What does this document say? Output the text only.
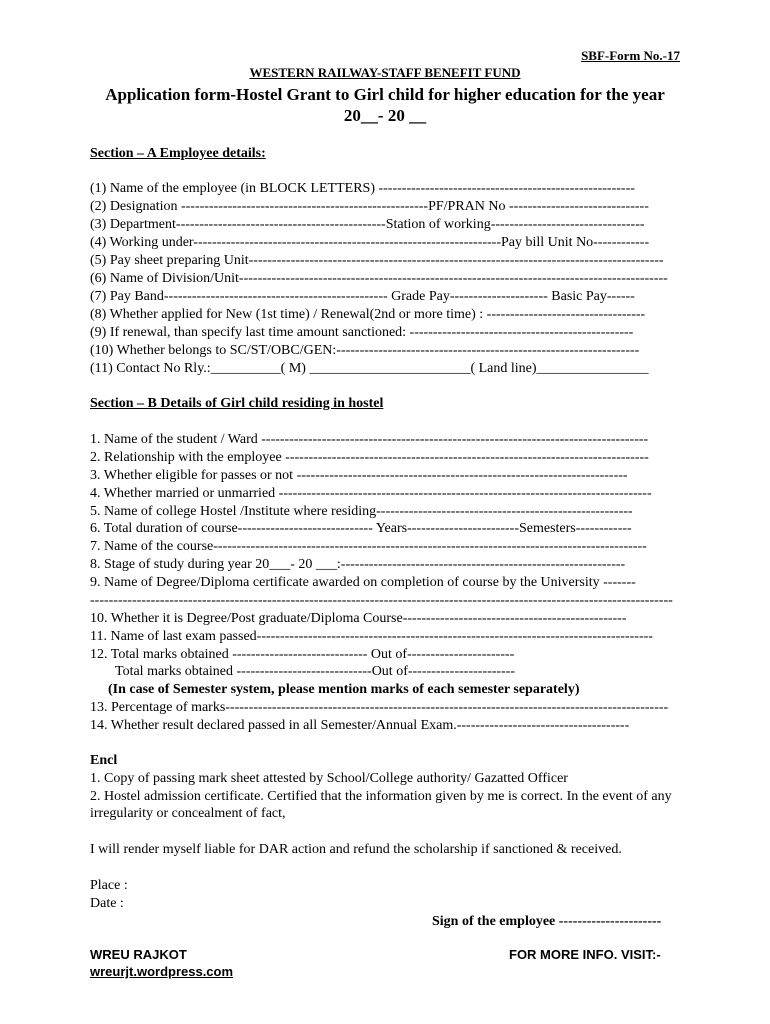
SBF-Form No.-17
WESTERN RAILWAY-STAFF BENEFIT FUND
Application form-Hostel Grant to Girl child for higher education for the year
20__- 20 __
Section – A Employee details:
(1) Name of the employee (in BLOCK LETTERS) -------------------------------------------------------
(2) Designation -----------------------------------------------------PF/PRAN No ------------------------------
(3) Department---------------------------------------------Station of working---------------------------------
(4) Working under------------------------------------------------------------------Pay bill Unit No------------
(5) Pay sheet preparing Unit-----------------------------------------------------------------------------------------
(6) Name of Division/Unit--------------------------------------------------------------------------------------------
(7) Pay Band------------------------------------------------ Grade Pay--------------------- Basic Pay------
(8) Whether applied for New (1st time) / Renewal(2nd or more time) : ----------------------------------
(9) If renewal, than specify last time amount sanctioned: ------------------------------------------------
(10) Whether belongs to SC/ST/OBC/GEN:-----------------------------------------------------------------
(11) Contact No Rly.:__________( M) _______________________( Land line)________________
Section – B Details of Girl child residing in hostel
1. Name of the student / Ward -----------------------------------------------------------------------------------
2. Relationship with the employee ------------------------------------------------------------------------------
3. Whether eligible for passes or not -----------------------------------------------------------------------
4. Whether married or unmarried --------------------------------------------------------------------------------
5. Name of college Hostel /Institute where residing-------------------------------------------------------
6. Total duration of course----------------------------- Years------------------------Semesters------------
7. Name of the course---------------------------------------------------------------------------------------------
8. Stage of study during year 20___- 20 ___:-------------------------------------------------------------
9. Name of Degree/Diploma certificate awarded on completion of course by the University -------
-----------------------------------------------------------------------------------------------------------------------------
10. Whether it is Degree/Post graduate/Diploma Course------------------------------------------------
11. Name of last exam passed-------------------------------------------------------------------------------------
12. Total marks obtained ----------------------------- Out of-----------------------
Total marks obtained -----------------------------Out of-----------------------
(In case of Semester system, please mention marks of each semester separately)
13. Percentage of marks-----------------------------------------------------------------------------------------------
14. Whether result declared passed in all Semester/Annual Exam.-------------------------------------
Encl
1. Copy of passing mark sheet attested by School/College authority/ Gazatted Officer
2. Hostel admission certificate. Certified that the information given by me is correct. In the event of any irregularity or concealment of fact,
I will render myself liable for DAR action and refund the scholarship if sanctioned & received.
Place :
Date :
Sign of the employee ----------------------
WREU RAJKOT
wreurjt.wordpress.com
FOR MORE INFO. VISIT:-
